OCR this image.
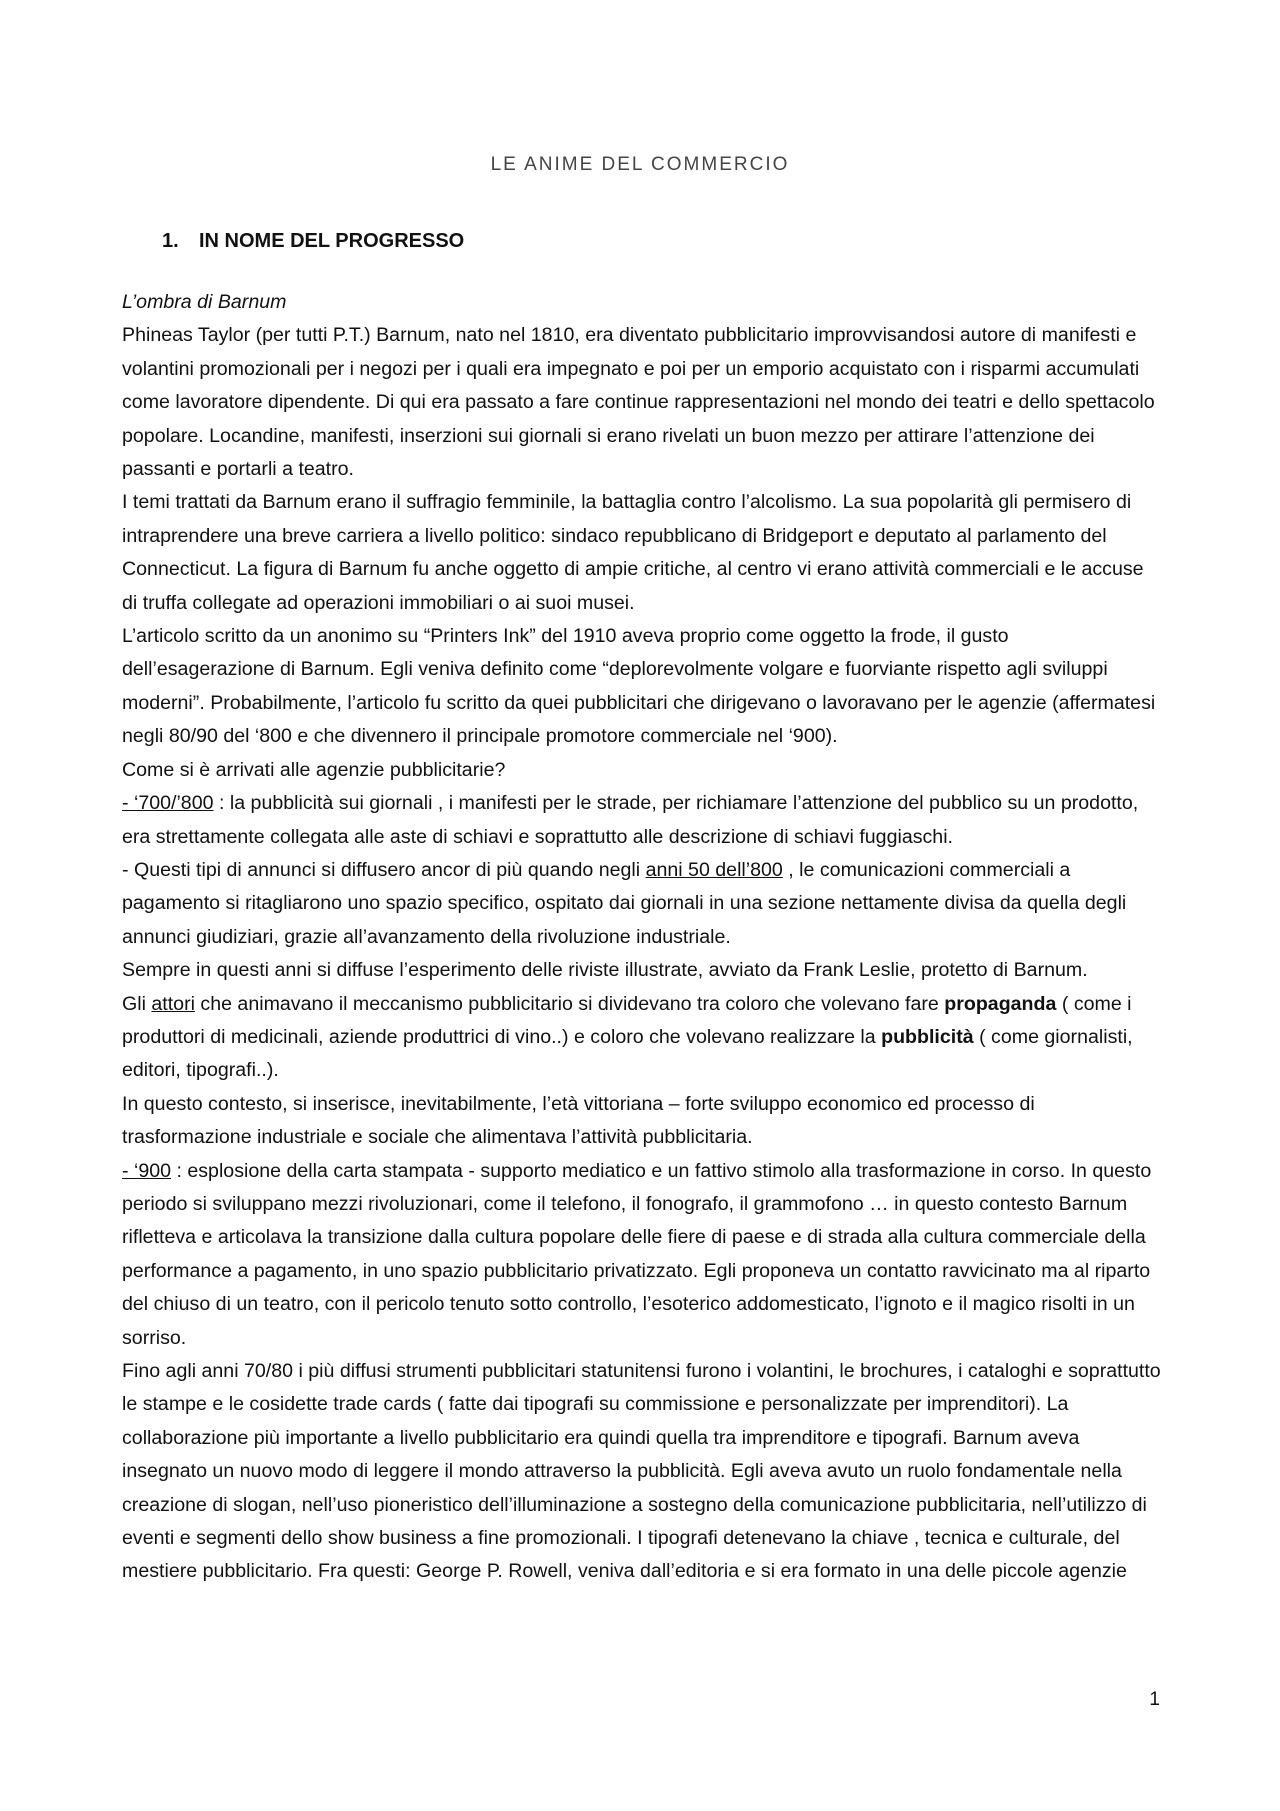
LE ANIME DEL COMMERCIO
1. IN NOME DEL PROGRESSO

L’ombra di Barnum

Phineas Taylor (per tutti P.T.) Barnum, nato nel 1810, era diventato pubblicitario improvvisandosi autore di manifesti e volantini promozionali per i negozi per i quali era impegnato e poi per un emporio acquistato con i risparmi accumulati come lavoratore dipendente. Di qui era passato a fare continue rappresentazioni nel mondo dei teatri e dello spettacolo popolare. Locandine, manifesti, inserzioni sui giornali si erano rivelati un buon mezzo per attirare l’attenzione dei passanti e portarli a teatro.

I temi trattati da Barnum erano il suffragio femminile, la battaglia contro l’alcolismo. La sua popolarità gli permisero di intraprendere una breve carriera a livello politico: sindaco repubblicano di Bridgeport e deputato al parlamento del Connecticut. La figura di Barnum fu anche oggetto di ampie critiche, al centro vi erano attività commerciali e le accuse di truffa collegate ad operazioni immobiliari o ai suoi musei.

L’articolo scritto da un anonimo su “Printers Ink” del 1910 aveva proprio come oggetto la frode, il gusto dell’esagerazione di Barnum. Egli veniva definito come “deplorevolmente volgare e fuorviante rispetto agli sviluppi moderni”. Probabilmente, l’articolo fu scritto da quei pubblicitari che dirigevano o lavoravano per le agenzie (affermatesi negli 80/90 del ‘800 e che divennero il principale promotore commerciale nel ‘900).

Come si è arrivati alle agenzie pubblicitarie?

- ‘700/’800 : la pubblicità sui giornali , i manifesti per le strade, per richiamare l’attenzione del pubblico su un prodotto, era strettamente collegata alle aste di schiavi e soprattutto alle descrizione di schiavi fuggiaschi.

- Questi tipi di annunci si diffusero ancor di più quando negli anni 50 dell’800 , le comunicazioni commerciali a pagamento si ritagliarono uno spazio specifico, ospitato dai giornali in una sezione nettamente divisa da quella degli annunci giudiziari, grazie all’avanzamento della rivoluzione industriale.

Sempre in questi anni si diffuse l’esperimento delle riviste illustrate, avviato da Frank Leslie, protetto di Barnum.

Gli attori che animavano il meccanismo pubblicitario si dividevano tra coloro che volevano fare propaganda ( come i produttori di medicinali, aziende produttrici di vino..) e coloro che volevano realizzare la pubblicità ( come giornalisti, editori, tipografi..).

In questo contesto, si inserisce, inevitabilmente, l’età vittoriana – forte sviluppo economico ed processo di trasformazione industriale e sociale che alimentava l’attività pubblicitaria.

- ‘900 : esplosione della carta stampata - supporto mediatico e un fattivo stimolo alla trasformazione in corso. In questo periodo si sviluppano mezzi rivoluzionari, come il telefono, il fonografo, il grammofono … in questo contesto Barnum rifletteva e articolava la transizione dalla cultura popolare delle fiere di paese e di strada alla cultura commerciale della performance a pagamento, in uno spazio pubblicitario privatizzato. Egli proponeva un contatto ravvicinato ma al riparto del chiuso di un teatro, con il pericolo tenuto sotto controllo, l’esoterico addomesticato, l’ignoto e il magico risolti in un sorriso.

Fino agli anni 70/80 i più diffusi strumenti pubblicitari statunitensi furono i volantini, le brochures, i cataloghi e soprattutto le stampe e le cosidette trade cards ( fatte dai tipografi su commissione e personalizzate per imprenditori). La collaborazione più importante a livello pubblicitario era quindi quella tra imprenditore e tipografi. Barnum aveva insegnato un nuovo modo di leggere il mondo attraverso la pubblicità. Egli aveva avuto un ruolo fondamentale nella creazione di slogan, nell’uso pioneristico dell’illuminazione a sostegno della comunicazione pubblicitaria, nell’utilizzo di eventi e segmenti dello show business a fine promozionali. I tipografi detenevano la chiave , tecnica e culturale, del mestiere pubblicitario. Fra questi: George P. Rowell, veniva dall’editoria e si era formato in una delle piccole agenzie

1
